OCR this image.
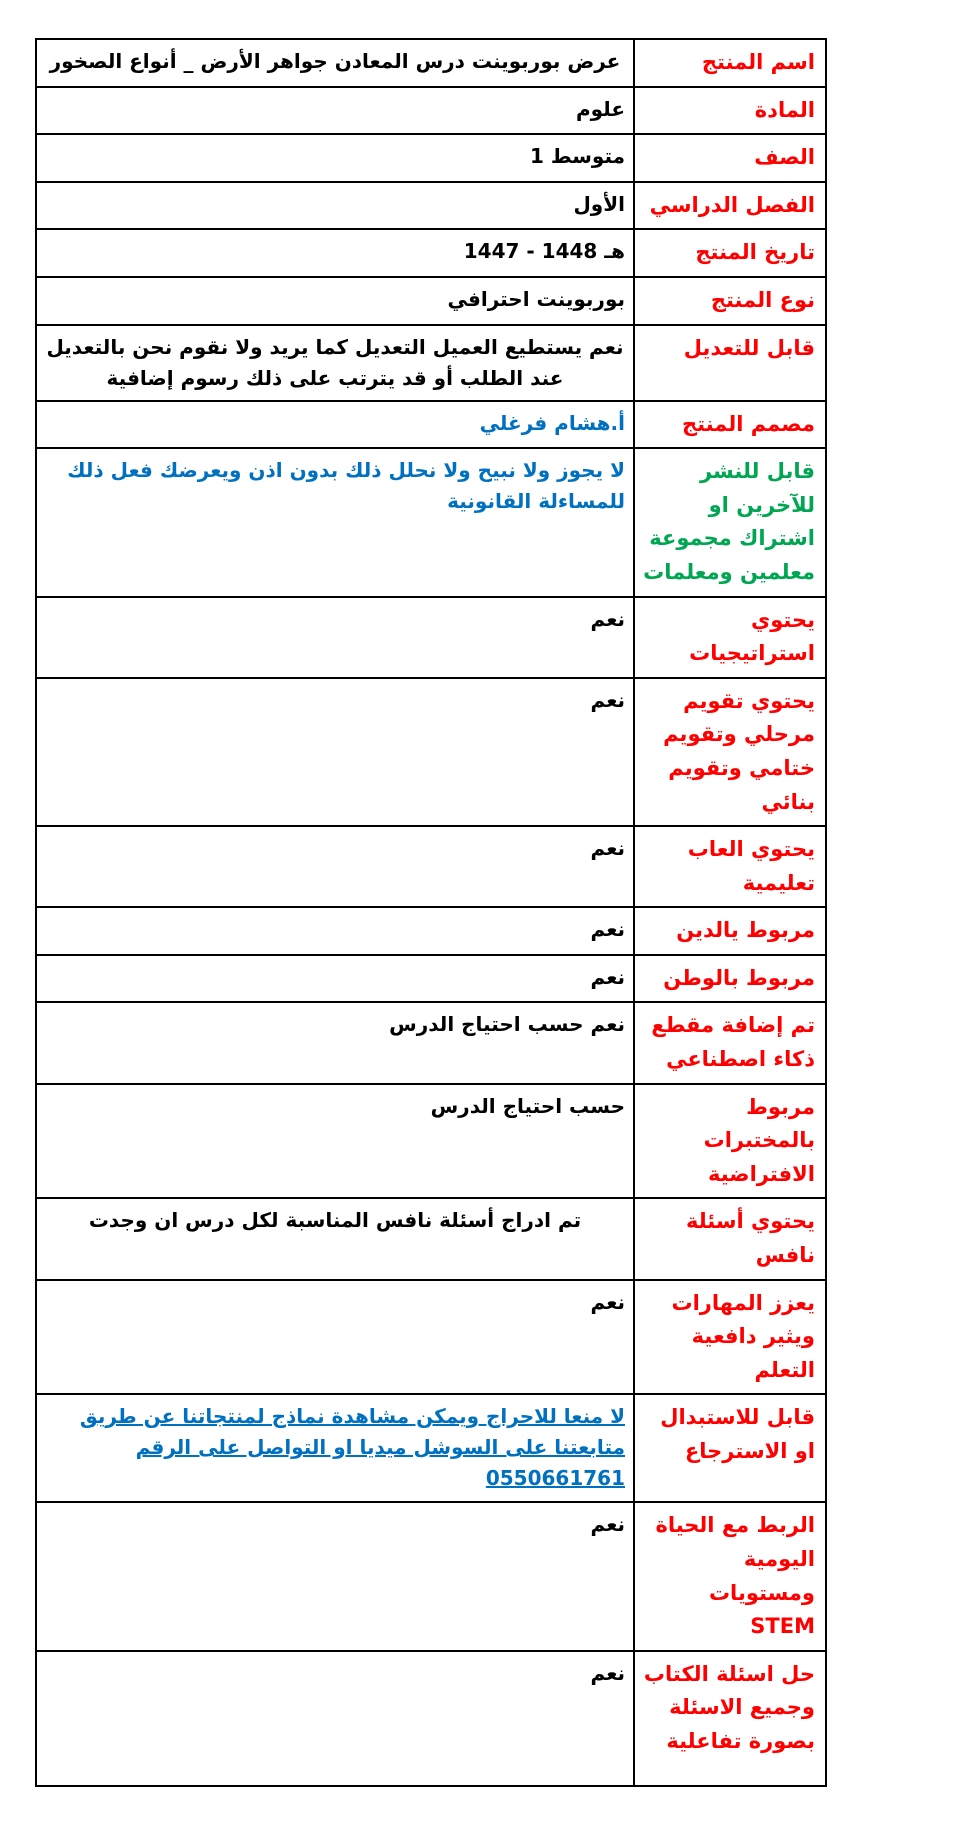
اسم المنتج	عرض بوربوينت درس المعادن جواهر الأرض _ أنواع الصخور
المادة	علوم
الصف	1 متوسط
الفصل الدراسي	الأول
تاريخ المنتج	1447 - 1448 هـ
نوع المنتج	بوربوينت احترافي
قابل للتعديل	نعم يستطيع العميل التعديل كما يريد ولا نقوم نحن بالتعديل عند الطلب أو قد يترتب على ذلك رسوم إضافية
مصمم المنتج	أ.هشام فرغلي
قابل للنشر للآخرين او اشتراك مجموعة معلمين ومعلمات	لا يجوز ولا نبيح ولا نحلل ذلك بدون اذن ويعرضك فعل ذلك للمساءلة القانونية
يحتوي استراتيجيات	نعم
يحتوي تقويم مرحلي وتقويم ختامي وتقويم بنائي	نعم
يحتوي العاب تعليمية	نعم
مربوط يالدين	نعم
مربوط بالوطن	نعم
تم إضافة مقطع ذكاء اصطناعي	نعم حسب احتياج الدرس
مربوط بالمختبرات الافتراضية	حسب احتياج الدرس
يحتوي أسئلة نافس	تم ادراج أسئلة نافس المناسبة لكل درس ان وجدت
يعزز المهارات ويثير دافعية التعلم	نعم
قابل للاستبدال او الاسترجاع	لا منعا للاحراج ويمكن مشاهدة نماذج لمنتجاتنا عن طريق متابعتنا على السوشل ميديا او التواصل على الرقم 0550661761
الربط مع الحياة اليومية ومستويات STEM	نعم
حل اسئلة الكتاب وجميع الاسئلة بصورة تفاعلية	نعم
